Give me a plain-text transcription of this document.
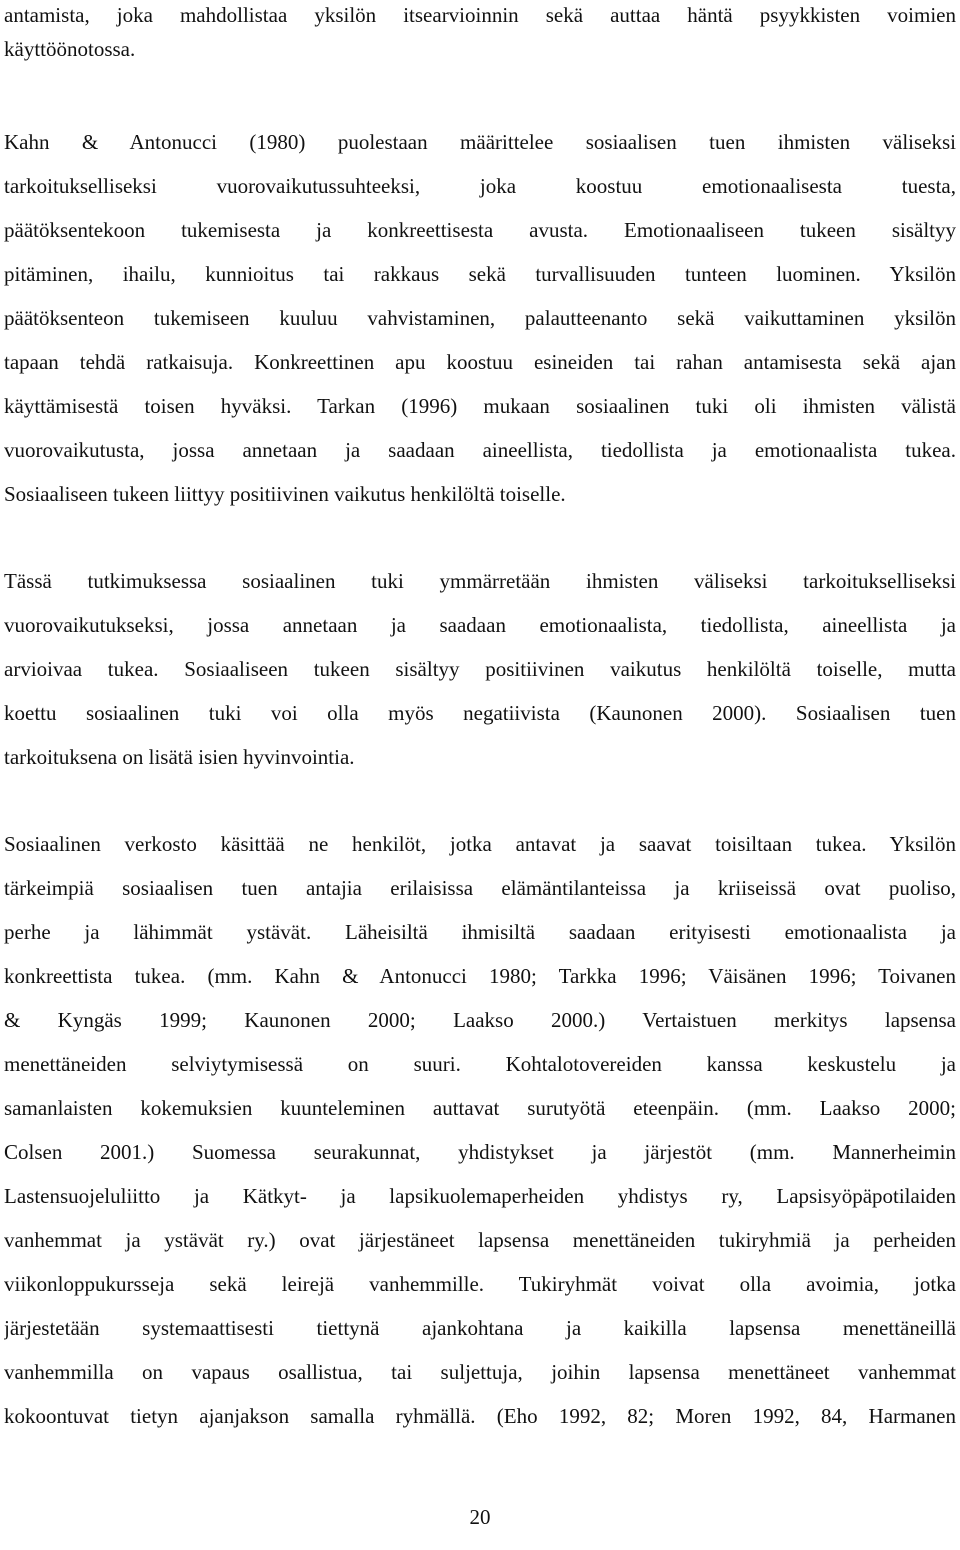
antamista, joka mahdollistaa yksilön itsearvioinnin sekä auttaa häntä psyykkisten voimien
käyttöönotossa.
Kahn & Antonucci (1980) puolestaan määrittelee sosiaalisen tuen ihmisten väliseksi
tarkoitukselliseksi vuorovaikutussuhteeksi, joka koostuu emotionaalisesta tuesta,
päätöksentekoon tukemisesta ja konkreettisesta avusta. Emotionaaliseen tukeen sisältyy
pitäminen, ihailu, kunnioitus tai rakkaus sekä turvallisuuden tunteen luominen. Yksilön
päätöksenteon tukemiseen kuuluu vahvistaminen, palautteenanto sekä vaikuttaminen yksilön
tapaan tehdä ratkaisuja. Konkreettinen apu koostuu esineiden tai rahan antamisesta sekä ajan
käyttämisestä toisen hyväksi. Tarkan (1996) mukaan sosiaalinen tuki oli ihmisten välistä
vuorovaikutusta, jossa annetaan ja saadaan aineellista, tiedollista ja emotionaalista tukea.
Sosiaaliseen tukeen liittyy positiivinen vaikutus henkilöltä toiselle.
Tässä tutkimuksessa sosiaalinen tuki ymmärretään ihmisten väliseksi tarkoitukselliseksi
vuorovaikutukseksi, jossa annetaan ja saadaan emotionaalista, tiedollista, aineellista ja
arvioivaa tukea. Sosiaaliseen tukeen sisältyy positiivinen vaikutus henkilöltä toiselle, mutta
koettu sosiaalinen tuki voi olla myös negatiivista (Kaunonen 2000). Sosiaalisen tuen
tarkoituksena on lisätä isien hyvinvointia.
Sosiaalinen verkosto käsittää ne henkilöt, jotka antavat ja saavat toisiltaan tukea. Yksilön
tärkeimpiä sosiaalisen tuen antajia erilaisissa elämäntilanteissa ja kriiseissä ovat puoliso,
perhe ja lähimmät ystävät. Läheisiltä ihmisiltä saadaan erityisesti emotionaalista ja
konkreettista tukea. (mm. Kahn & Antonucci 1980; Tarkka 1996; Väisänen 1996; Toivanen
& Kyngäs 1999; Kaunonen 2000; Laakso 2000.) Vertaistuen merkitys lapsensa
menettäneiden selviytymisessä on suuri. Kohtalotovereiden kanssa keskustelu ja
samanlaisten kokemuksien kuunteleminen auttavat surutyötä eteenpäin. (mm. Laakso 2000;
Colsen 2001.) Suomessa seurakunnat, yhdistykset ja järjestöt (mm. Mannerheimin
Lastensuojeluliitto ja Kätkyt- ja lapsikuolemaperheiden yhdistys ry, Lapsisyöpäpotilaiden
vanhemmat ja ystävät ry.) ovat järjestäneet lapsensa menettäneiden tukiryhmiä ja perheiden
viikonloppukursseja sekä leirejä vanhemmille. Tukiryhmät voivat olla avoimia, jotka
järjestetään systemaattisesti tiettynä ajankohtana ja kaikilla lapsensa menettäneillä
vanhemmilla on vapaus osallistua, tai suljettuja, joihin lapsensa menettäneet vanhemmat
kokoontuvat tietyn ajanjakson samalla ryhmällä. (Eho 1992, 82; Moren 1992, 84, Harmanen
20
